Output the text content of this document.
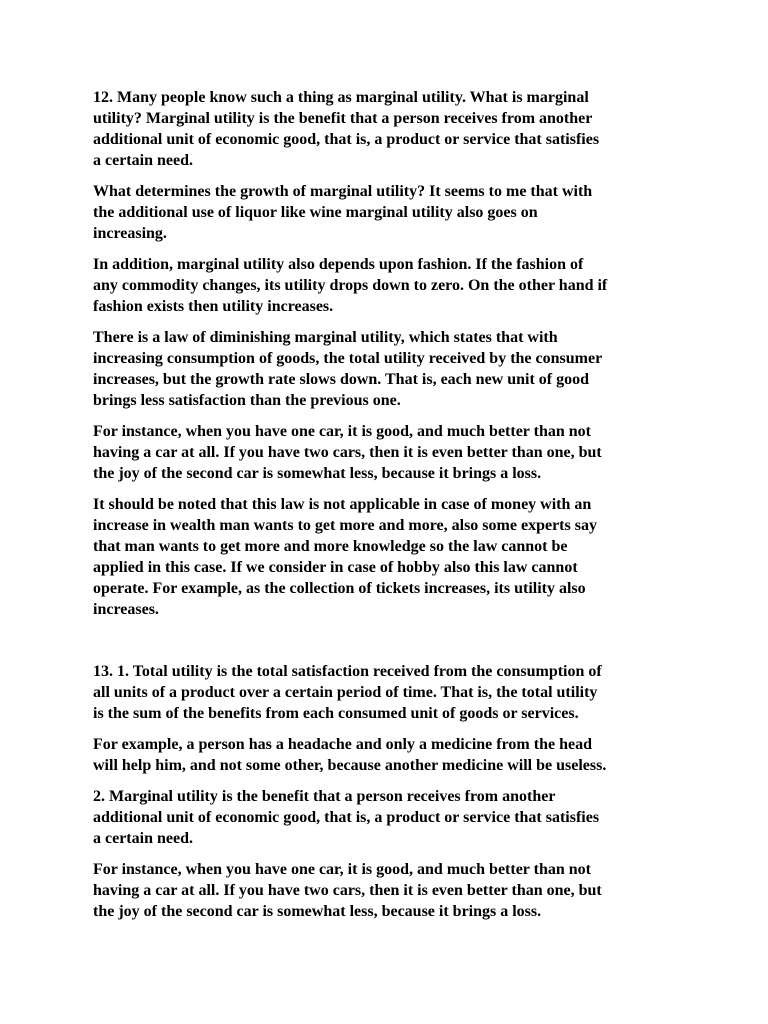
12. Many people know such a thing as marginal utility. What is marginal
utility? Marginal utility is the benefit that a person receives from another
additional unit of economic good, that is, a product or service that satisfies
a certain need.

What determines the growth of marginal utility? It seems to me that with
the additional use of liquor like wine marginal utility also goes on
increasing.

In addition, marginal utility also depends upon fashion. If the fashion of
any commodity changes, its utility drops down to zero. On the other hand if
fashion exists then utility increases.

There is a law of diminishing marginal utility, which states that with
increasing consumption of goods, the total utility received by the consumer
increases, but the growth rate slows down. That is, each new unit of good
brings less satisfaction than the previous one.

For instance, when you have one car, it is good, and much better than not
having a car at all. If you have two cars, then it is even better than one, but
the joy of the second car is somewhat less, because it brings a loss.

It should be noted that this law is not applicable in case of money with an
increase in wealth man wants to get more and more, also some experts say
that man wants to get more and more knowledge so the law cannot be
applied in this case. If we consider in case of hobby also this law cannot
operate. For example, as the collection of tickets increases, its utility also
increases.

13. 1. Total utility is the total satisfaction received from the consumption of
all units of a product over a certain period of time. That is, the total utility
is the sum of the benefits from each consumed unit of goods or services.

For example, a person has a headache and only a medicine from the head
will help him, and not some other, because another medicine will be useless.

2. Marginal utility is the benefit that a person receives from another
additional unit of economic good, that is, a product or service that satisfies
a certain need.

For instance, when you have one car, it is good, and much better than not
having a car at all. If you have two cars, then it is even better than one, but
the joy of the second car is somewhat less, because it brings a loss.
